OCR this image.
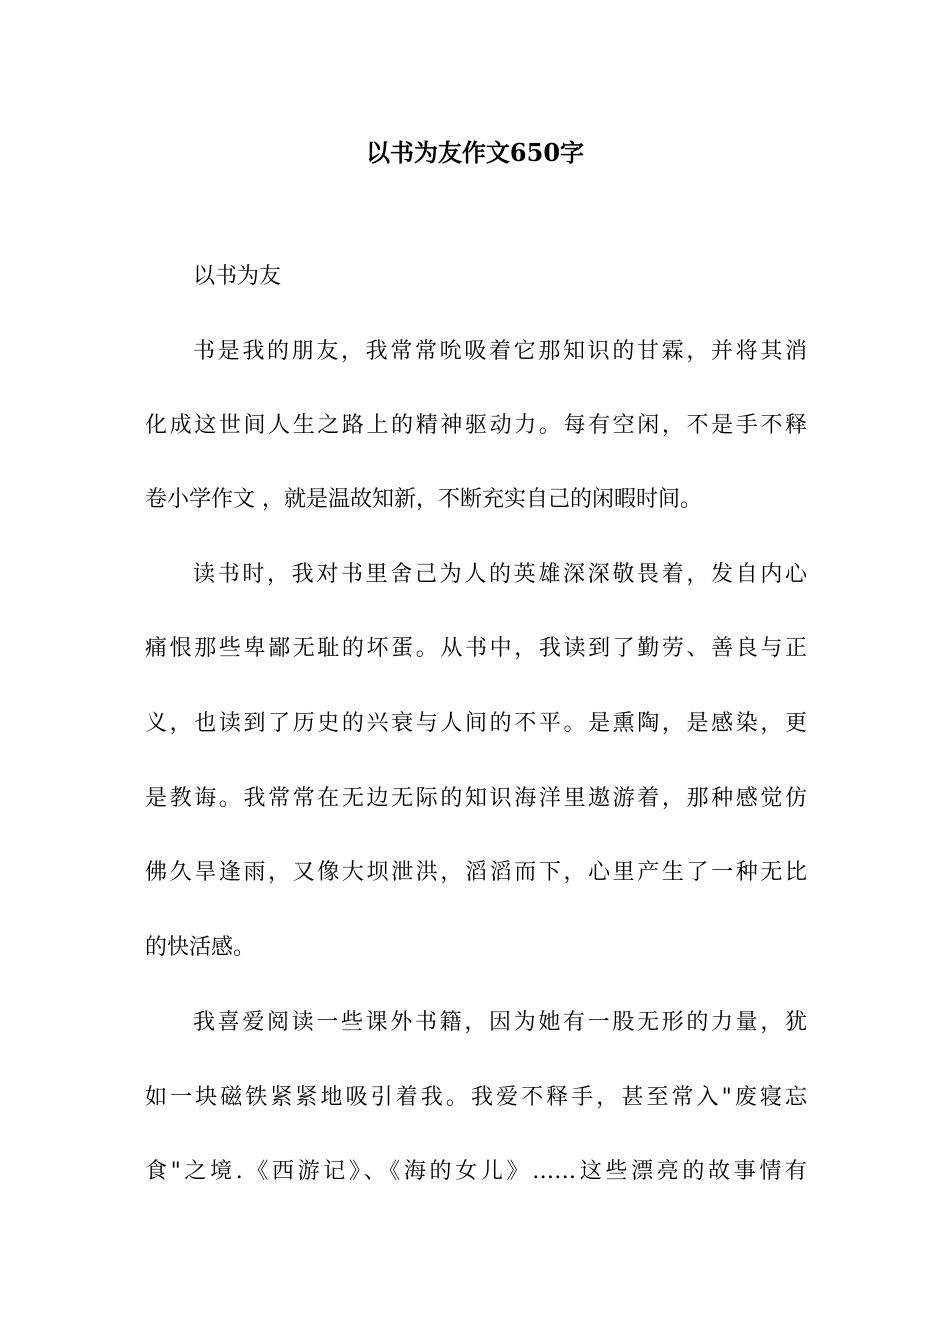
以书为友作文650字
以书为友
书是我的朋友，我常常吮吸着它那知识的甘霖，并将其消
化成这世间人生之路上的精神驱动力。每有空闲，不是手不释
卷小学作文 ，就是温故知新，不断充实自己的闲暇时间。
读书时，我对书里舍己为人的英雄深深敬畏着，发自内心
痛恨那些卑鄙无耻的坏蛋。从书中，我读到了勤劳、善良与正
义，也读到了历史的兴衰与人间的不平。是熏陶，是感染，更
是教诲。我常常在无边无际的知识海洋里遨游着，那种感觉仿
佛久旱逢雨，又像大坝泄洪，滔滔而下，心里产生了一种无比
的快活感。
我喜爱阅读一些课外书籍，因为她有一股无形的力量，犹
如一块磁铁紧紧地吸引着我。我爱不释手，甚至常入"废寝忘
食"之境.《西游记》、《海的女儿》……这些漂亮的故事情有
